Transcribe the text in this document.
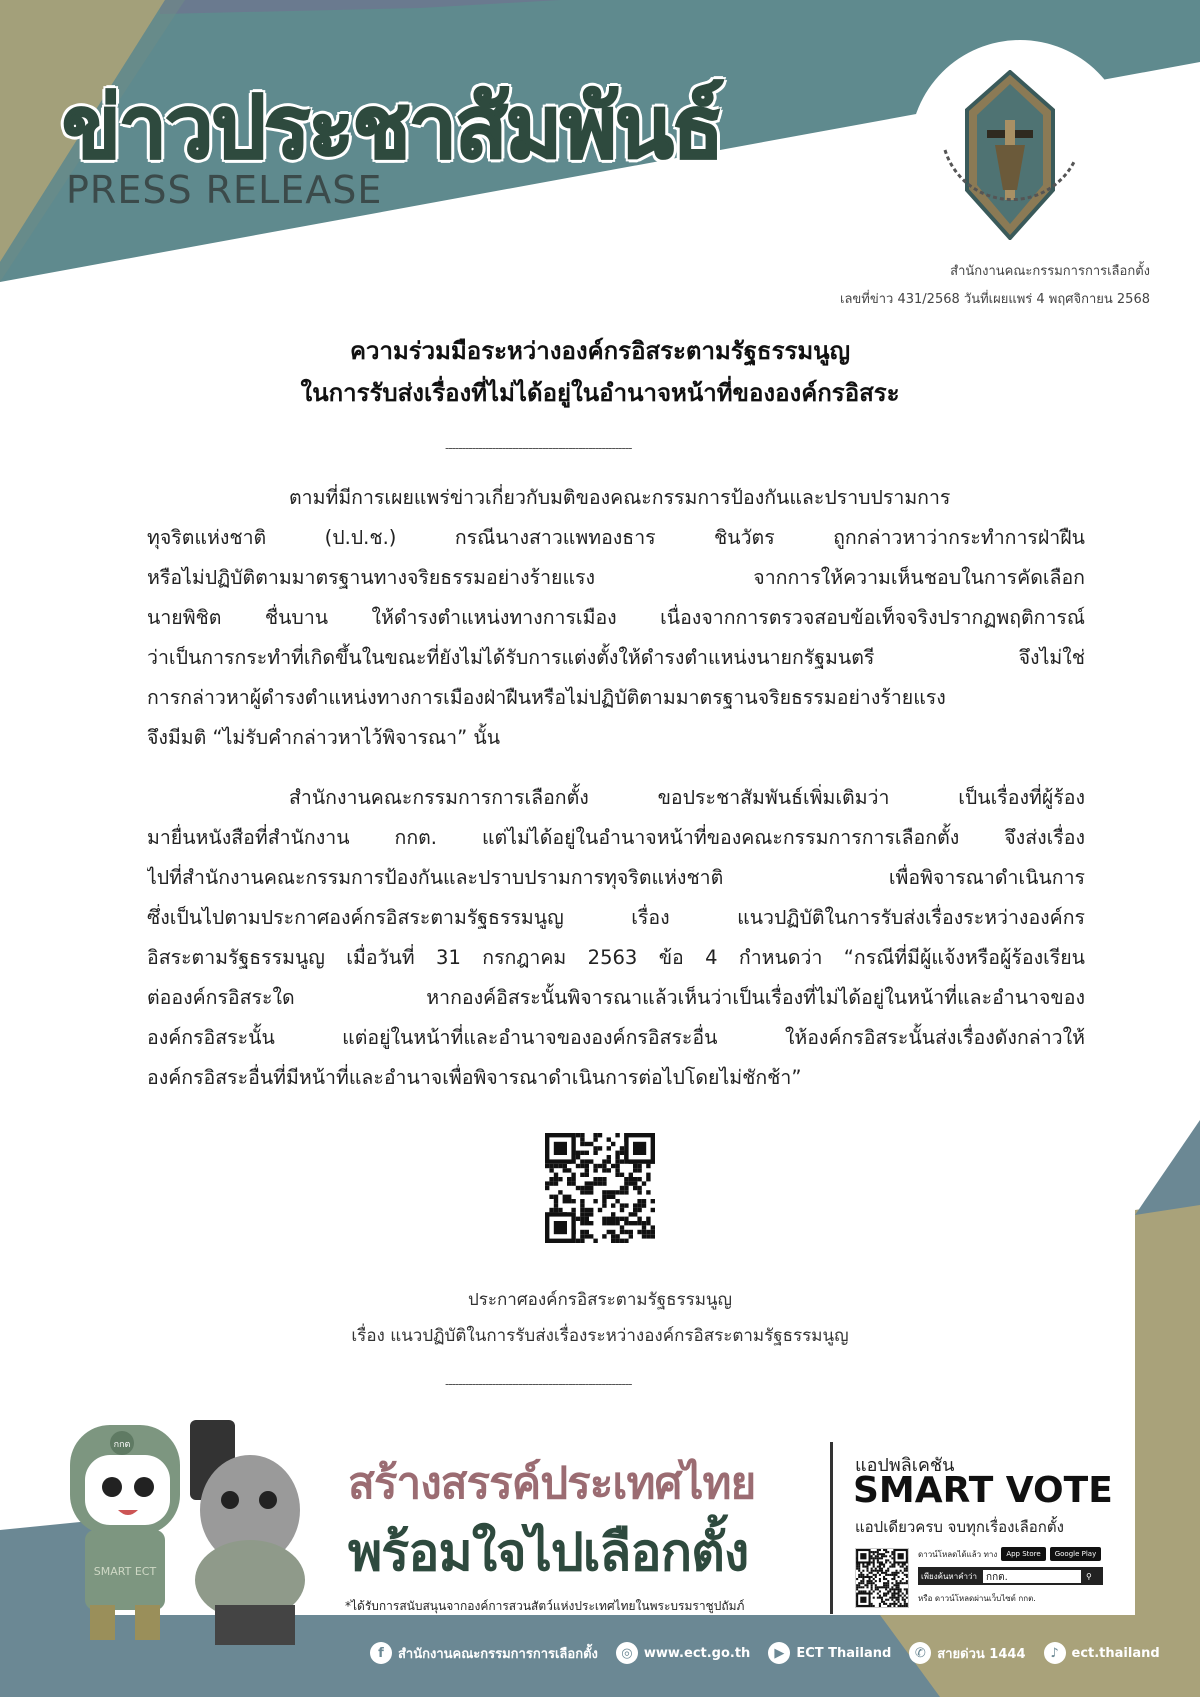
ข่าวประชาสัมพันธ์
PRESS RELEASE
สำนักงานคณะกรรมการการเลือกตั้ง
เลขที่ข่าว 431/2568 วันที่เผยแพร่ 4 พฤศจิกายน 2568
ความร่วมมือระหว่างองค์กรอิสระตามรัฐธรรมนูญ
ในการรับส่งเรื่องที่ไม่ได้อยู่ในอำนาจหน้าที่ขององค์กรอิสระ
--------------------------------------------------------
ตามที่มีการเผยแพร่ข่าวเกี่ยวกับมติของคณะกรรมการป้องกันและปราบปรามการ
ทุจริตแห่งชาติ (ป.ป.ช.) กรณีนางสาวแพทองธาร ชินวัตร ถูกกล่าวหาว่ากระทำการฝ่าฝืน
หรือไม่ปฏิบัติตามมาตรฐานทางจริยธรรมอย่างร้ายแรง จากการให้ความเห็นชอบในการคัดเลือก
นายพิชิต ชื่นบาน ให้ดำรงตำแหน่งทางการเมือง เนื่องจากการตรวจสอบข้อเท็จจริงปรากฏพฤติการณ์
ว่าเป็นการกระทำที่เกิดขึ้นในขณะที่ยังไม่ได้รับการแต่งตั้งให้ดำรงตำแหน่งนายกรัฐมนตรี จึงไม่ใช่
การกล่าวหาผู้ดำรงตำแหน่งทางการเมืองฝ่าฝืนหรือไม่ปฏิบัติตามมาตรฐานจริยธรรมอย่างร้ายแรง
จึงมีมติ “ไม่รับคำกล่าวหาไว้พิจารณา” นั้น
สำนักงานคณะกรรมการการเลือกตั้ง ขอประชาสัมพันธ์เพิ่มเติมว่า เป็นเรื่องที่ผู้ร้อง
มายื่นหนังสือที่สำนักงาน กกต. แต่ไม่ได้อยู่ในอำนาจหน้าที่ของคณะกรรมการการเลือกตั้ง จึงส่งเรื่อง
ไปที่สำนักงานคณะกรรมการป้องกันและปราบปรามการทุจริตแห่งชาติ เพื่อพิจารณาดำเนินการ
ซึ่งเป็นไปตามประกาศองค์กรอิสระตามรัฐธรรมนูญ เรื่อง แนวปฏิบัติในการรับส่งเรื่องระหว่างองค์กร
อิสระตามรัฐธรรมนูญ เมื่อวันที่ 31 กรกฎาคม 2563 ข้อ 4 กำหนดว่า “กรณีที่มีผู้แจ้งหรือผู้ร้องเรียน
ต่อองค์กรอิสระใด หากองค์อิสระนั้นพิจารณาแล้วเห็นว่าเป็นเรื่องที่ไม่ได้อยู่ในหน้าที่และอำนาจของ
องค์กรอิสระนั้น แต่อยู่ในหน้าที่และอำนาจขององค์กรอิสระอื่น ให้องค์กรอิสระนั้นส่งเรื่องดังกล่าวให้
องค์กรอิสระอื่นที่มีหน้าที่และอำนาจเพื่อพิจารณาดำเนินการต่อไปโดยไม่ชักช้า”
ประกาศองค์กรอิสระตามรัฐธรรมนูญ
เรื่อง แนวปฏิบัติในการรับส่งเรื่องระหว่างองค์กรอิสระตามรัฐธรรมนูญ
--------------------------------------------------------
กกต
SMART ECT
สร้างสรรค์ประเทศไทย
พร้อมใจไปเลือกตั้ง
*ได้รับการสนับสนุนจากองค์การสวนสัตว์แห่งประเทศไทยในพระบรมราชูปถัมภ์
แอปพลิเคชัน
SMART VOTE
แอปเดียวครบ จบทุกเรื่องเลือกตั้ง
ดาวน์โหลดได้แล้ว ทาง	App Store	Google Play
เพียงค้นหาคำว่า กกต.	⚲
หรือ ดาวน์โหลดผ่านเว็บไซต์ กกต.
f	สำนักงานคณะกรรมการการเลือกตั้ง	◎ www.ect.go.th	▶ ECT Thailand	✆ สายด่วน 1444	♪ ect.thailand
